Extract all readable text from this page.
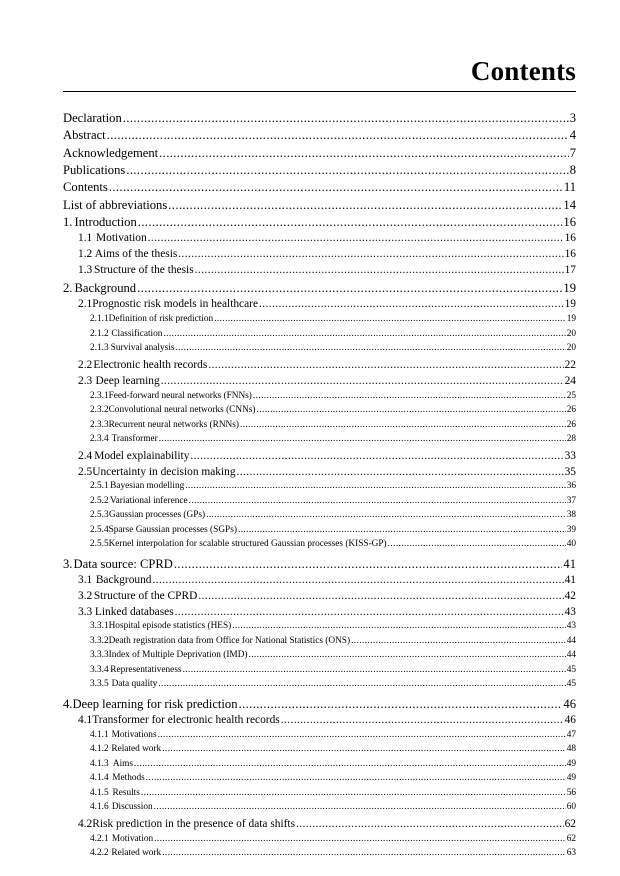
Contents
Declaration .....	3
Abstract .....	4
Acknowledgement .....	7
Publications .....	8
Contents .....	11
List of abbreviations .....	14
1. Introduction .....	16
1.1 Motivation .....	16
1.2 Aims of the thesis .....	16
1.3 Structure of the thesis .....	17
2. Background .....	19
2.1 Prognostic risk models in healthcare .....	19
2.1.1 Definition of risk prediction .....	19
2.1.2 Classification .....	20
2.1.3 Survival analysis .....	20
2.2 Electronic health records .....	22
2.3 Deep learning .....	24
2.3.1 Feed-forward neural networks (FNNs) .....	25
2.3.2 Convolutional neural networks (CNNs) .....	26
2.3.3 Recurrent neural networks (RNNs) .....	26
2.3.4 Transformer .....	28
2.4 Model explainability .....	33
2.5 Uncertainty in decision making .....	35
2.5.1 Bayesian modelling .....	36
2.5.2 Variational inference .....	37
2.5.3 Gaussian processes (GPs) .....	38
2.5.4 Sparse Gaussian processes (SGPs) .....	39
2.5.5 Kernel interpolation for scalable structured Gaussian processes (KISS-GP) .....	40
3. Data source: CPRD .....	41
3.1 Background .....	41
3.2 Structure of the CPRD .....	42
3.3 Linked databases .....	43
3.3.1 Hospital episode statistics (HES) .....	43
3.3.2 Death registration data from Office for National Statistics (ONS) .....	44
3.3.3 Index of Multiple Deprivation (IMD) .....	44
3.3.4 Representativeness .....	45
3.3.5 Data quality .....	45
4. Deep learning for risk prediction .....	46
4.1 Transformer for electronic health records .....	46
4.1.1 Motivations .....	47
4.1.2 Related work .....	48
4.1.3 Aims .....	49
4.1.4 Methods .....	49
4.1.5 Results .....	56
4.1.6 Discussion .....	60
4.2 Risk prediction in the presence of data shifts .....	62
4.2.1 Motivation .....	62
4.2.2 Related work .....	63
